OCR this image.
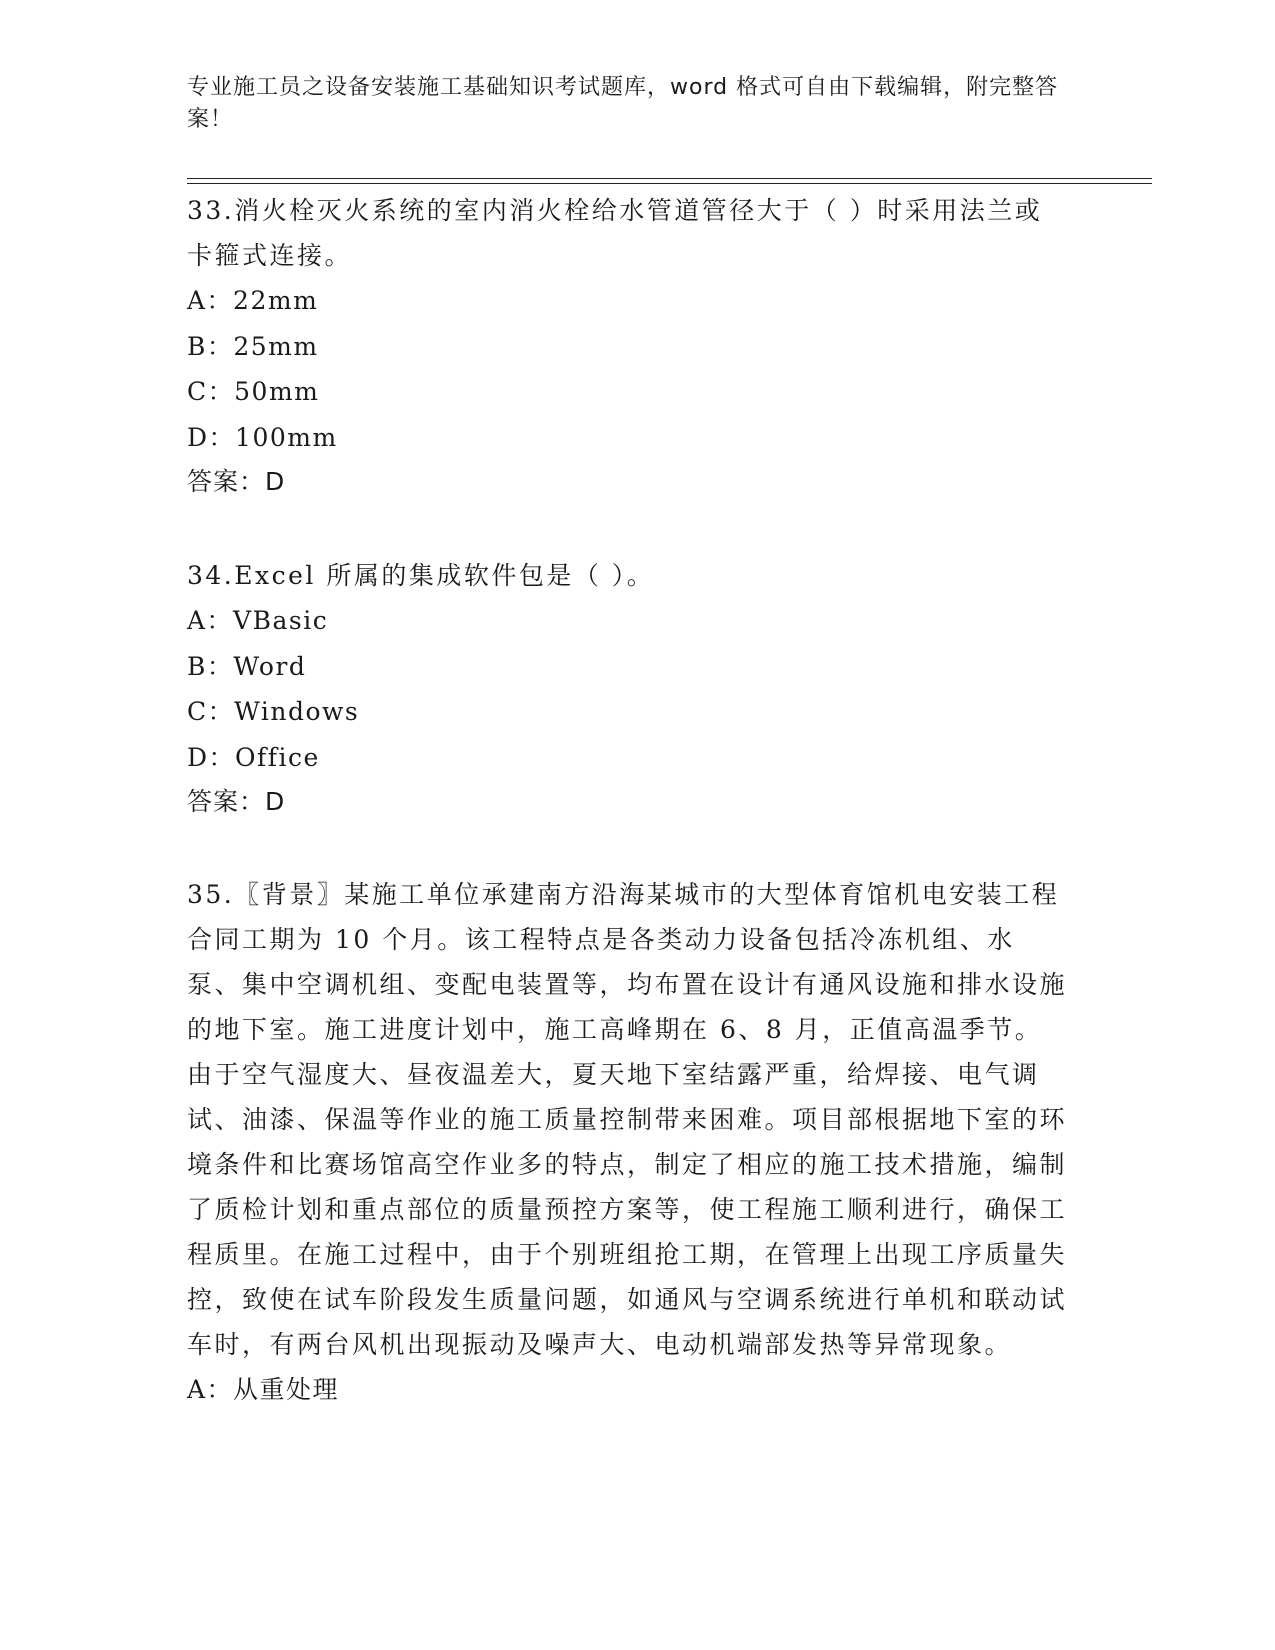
专业施工员之设备安装施工基础知识考试题库，word 格式可自由下载编辑，附完整答案！

33.消火栓灭火系统的室内消火栓给水管道管径大于（ ）时采用法兰或卡箍式连接。

A：22mm

B：25mm

C：50mm

D：100mm

答案：D

34.Excel 所属的集成软件包是（ ）。

A：VBasic

B：Word

C：Windows

D：Office

答案：D

35.〖背景〗某施工单位承建南方沿海某城市的大型体育馆机电安装工程合同工期为 10 个月。该工程特点是各类动力设备包括冷冻机组、水泵、集中空调机组、变配电装置等，均布置在设计有通风设施和排水设施的地下室。施工进度计划中，施工高峰期在 6、8 月，正值高温季节。由于空气湿度大、昼夜温差大，夏天地下室结露严重，给焊接、电气调试、油漆、保温等作业的施工质量控制带来困难。项目部根据地下室的环境条件和比赛场馆高空作业多的特点，制定了相应的施工技术措施，编制了质检计划和重点部位的质量预控方案等，使工程施工顺利进行，确保工程质里。在施工过程中，由于个别班组抢工期，在管理上出现工序质量失控，致使在试车阶段发生质量问题，如通风与空调系统进行单机和联动试车时，有两台风机出现振动及噪声大、电动机端部发热等异常现象。

A：从重处理
